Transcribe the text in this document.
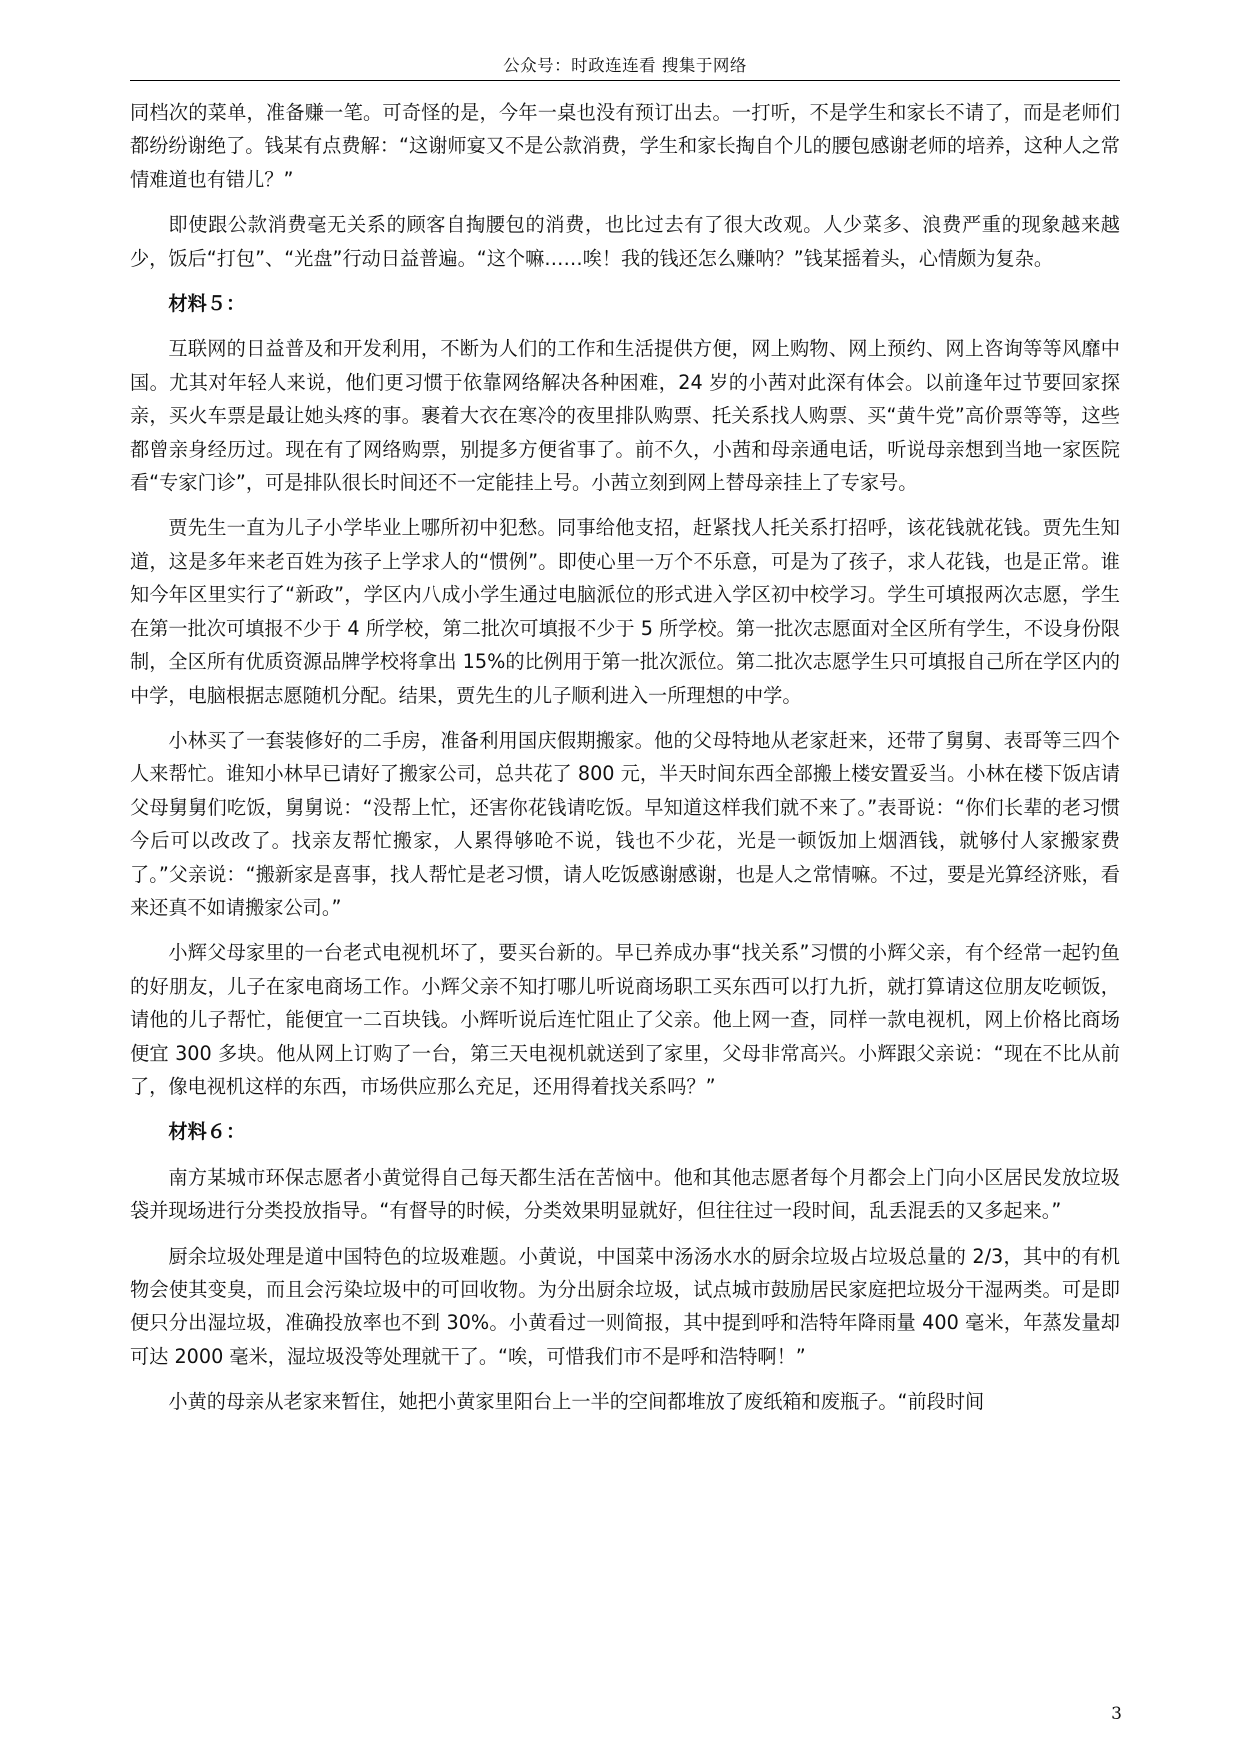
公众号：时政连连看 搜集于网络

同档次的菜单，准备赚一笔。可奇怪的是，今年一桌也没有预订出去。一打听，不是学生和家长不请了，而是老师们都纷纷谢绝了。钱某有点费解：“这谢师宴又不是公款消费，学生和家长掏自个儿的腰包感谢老师的培养，这种人之常情难道也有错儿？”

即使跟公款消费毫无关系的顾客自掏腰包的消费，也比过去有了很大改观。人少菜多、浪费严重的现象越来越少，饭后“打包”、“光盘”行动日益普遍。“这个嘛……唉！我的钱还怎么赚呐？”钱某摇着头，心情颇为复杂。

材料５：

互联网的日益普及和开发利用，不断为人们的工作和生活提供方便，网上购物、网上预约、网上咨询等等风靡中国。尤其对年轻人来说，他们更习惯于依靠网络解决各种困难，24 岁的小茜对此深有体会。以前逢年过节要回家探亲，买火车票是最让她头疼的事。裹着大衣在寒冷的夜里排队购票、托关系找人购票、买“黄牛党”高价票等等，这些都曾亲身经历过。现在有了网络购票，别提多方便省事了。前不久，小茜和母亲通电话，听说母亲想到当地一家医院看“专家门诊”，可是排队很长时间还不一定能挂上号。小茜立刻到网上替母亲挂上了专家号。

贾先生一直为儿子小学毕业上哪所初中犯愁。同事给他支招，赶紧找人托关系打招呼，该花钱就花钱。贾先生知道，这是多年来老百姓为孩子上学求人的“惯例”。即使心里一万个不乐意，可是为了孩子，求人花钱，也是正常。谁知今年区里实行了“新政”，学区内八成小学生通过电脑派位的形式进入学区初中校学习。学生可填报两次志愿，学生在第一批次可填报不少于 4 所学校，第二批次可填报不少于 5 所学校。第一批次志愿面对全区所有学生，不设身份限制，全区所有优质资源品牌学校将拿出 15%的比例用于第一批次派位。第二批次志愿学生只可填报自己所在学区内的中学，电脑根据志愿随机分配。结果，贾先生的儿子顺利进入一所理想的中学。

小林买了一套装修好的二手房，准备利用国庆假期搬家。他的父母特地从老家赶来，还带了舅舅、表哥等三四个人来帮忙。谁知小林早已请好了搬家公司，总共花了 800 元，半天时间东西全部搬上楼安置妥当。小林在楼下饭店请父母舅舅们吃饭，舅舅说：“没帮上忙，还害你花钱请吃饭。早知道这样我们就不来了。”表哥说：“你们长辈的老习惯今后可以改改了。找亲友帮忙搬家，人累得够呛不说，钱也不少花，光是一顿饭加上烟酒钱，就够付人家搬家费了。”父亲说：“搬新家是喜事，找人帮忙是老习惯，请人吃饭感谢感谢，也是人之常情嘛。不过，要是光算经济账，看来还真不如请搬家公司。”

小辉父母家里的一台老式电视机坏了，要买台新的。早已养成办事“找关系”习惯的小辉父亲，有个经常一起钓鱼的好朋友，儿子在家电商场工作。小辉父亲不知打哪儿听说商场职工买东西可以打九折，就打算请这位朋友吃顿饭，请他的儿子帮忙，能便宜一二百块钱。小辉听说后连忙阻止了父亲。他上网一查，同样一款电视机，网上价格比商场便宜 300 多块。他从网上订购了一台，第三天电视机就送到了家里，父母非常高兴。小辉跟父亲说：“现在不比从前了，像电视机这样的东西，市场供应那么充足，还用得着找关系吗？”

材料６：

南方某城市环保志愿者小黄觉得自己每天都生活在苦恼中。他和其他志愿者每个月都会上门向小区居民发放垃圾袋并现场进行分类投放指导。“有督导的时候，分类效果明显就好，但往往过一段时间，乱丢混丢的又多起来。”

厨余垃圾处理是道中国特色的垃圾难题。小黄说，中国菜中汤汤水水的厨余垃圾占垃圾总量的 2/3，其中的有机物会使其变臭，而且会污染垃圾中的可回收物。为分出厨余垃圾，试点城市鼓励居民家庭把垃圾分干湿两类。可是即便只分出湿垃圾，准确投放率也不到 30%。小黄看过一则简报，其中提到呼和浩特年降雨量 400 毫米，年蒸发量却可达 2000 毫米，湿垃圾没等处理就干了。“唉，可惜我们市不是呼和浩特啊！”

小黄的母亲从老家来暂住，她把小黄家里阳台上一半的空间都堆放了废纸箱和废瓶子。“前段时间

3
